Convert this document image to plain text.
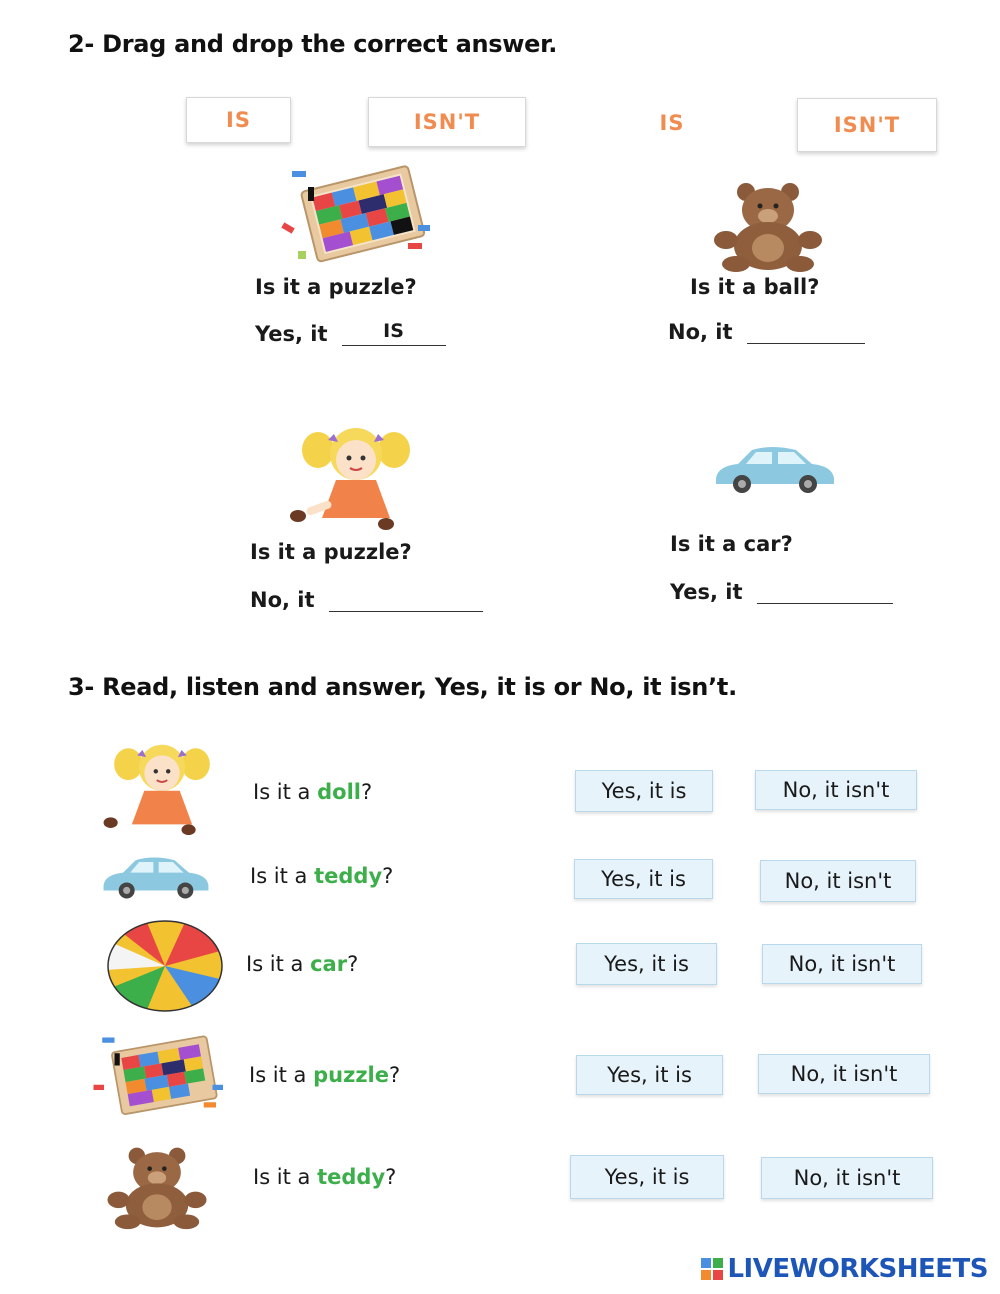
2- Drag and drop the correct answer.
IS	ISN'T	IS	ISN'T
Is it a puzzle?
Yes, it	IS
Is it a ball?
No, it
Is it a puzzle?
No, it
Is it a car?
Yes, it
3- Read, listen and answer, Yes, it is or No, it isn’t.
Is it a doll?	Yes, it is	No, it isn't
Is it a teddy?	Yes, it is	No, it isn't
Is it a car?	Yes, it is	No, it isn't
Is it a puzzle?	Yes, it is	No, it isn't
Is it a teddy?	Yes, it is	No, it isn't
LIVEWORKSHEETS
